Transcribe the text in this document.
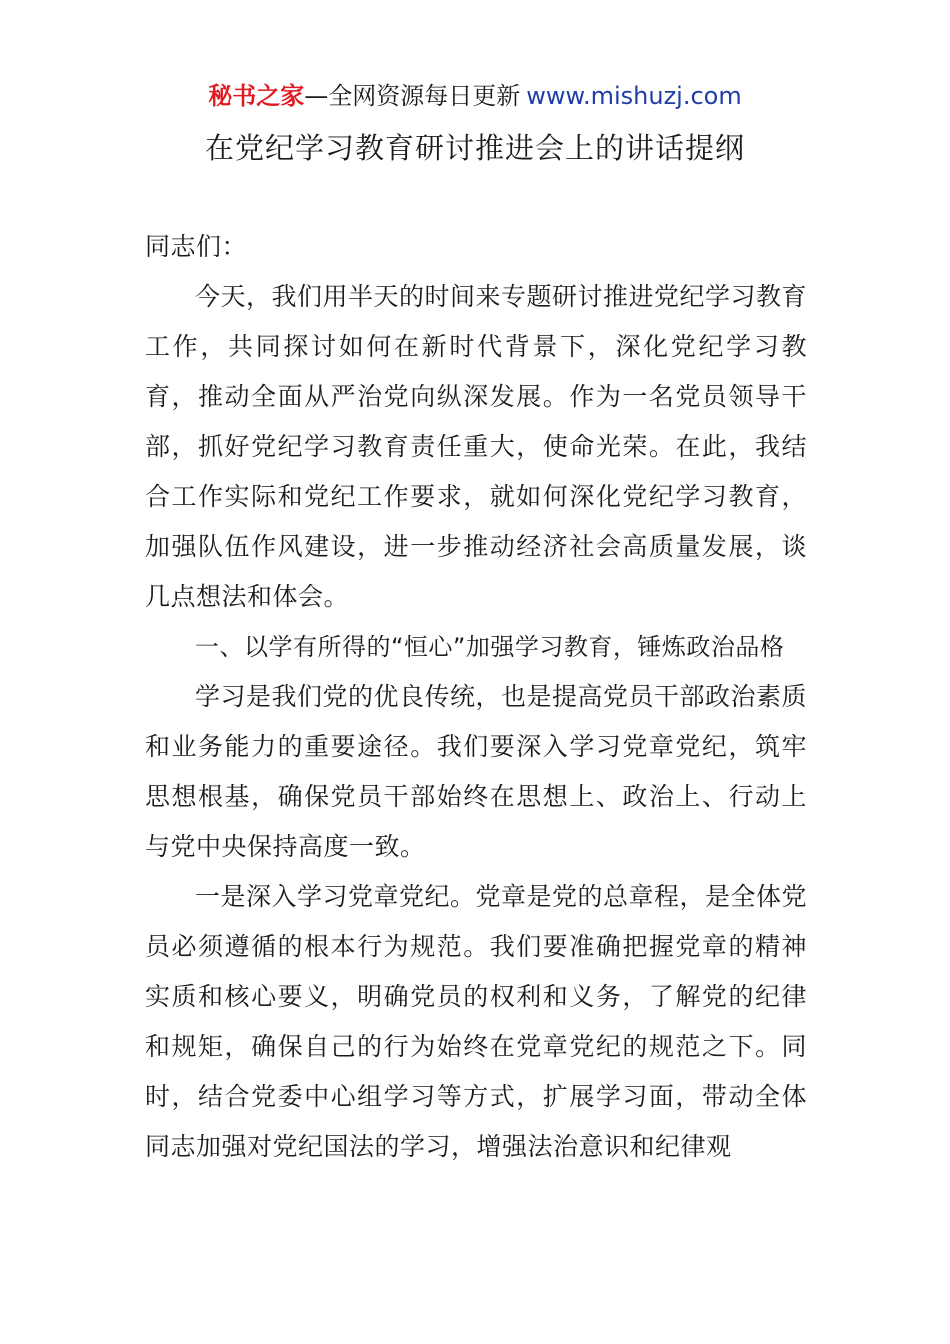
秘书之家—全网资源每日更新 www.mishuzj.com
在党纪学习教育研讨推进会上的讲话提纲

同志们：

今天，我们用半天的时间来专题研讨推进党纪学习教育工作，共同探讨如何在新时代背景下，深化党纪学习教育，推动全面从严治党向纵深发展。作为一名党员领导干部，抓好党纪学习教育责任重大，使命光荣。在此，我结合工作实际和党纪工作要求，就如何深化党纪学习教育，加强队伍作风建设，进一步推动经济社会高质量发展，谈几点想法和体会。

一、以学有所得的“恒心”加强学习教育，锤炼政治品格

学习是我们党的优良传统，也是提高党员干部政治素质和业务能力的重要途径。我们要深入学习党章党纪，筑牢思想根基，确保党员干部始终在思想上、政治上、行动上与党中央保持高度一致。

一是深入学习党章党纪。党章是党的总章程，是全体党员必须遵循的根本行为规范。我们要准确把握党章的精神实质和核心要义，明确党员的权利和义务，了解党的纪律和规矩，确保自己的行为始终在党章党纪的规范之下。同时，结合党委中心组学习等方式，扩展学习面，带动全体同志加强对党纪国法的学习，增强法治意识和纪律观
